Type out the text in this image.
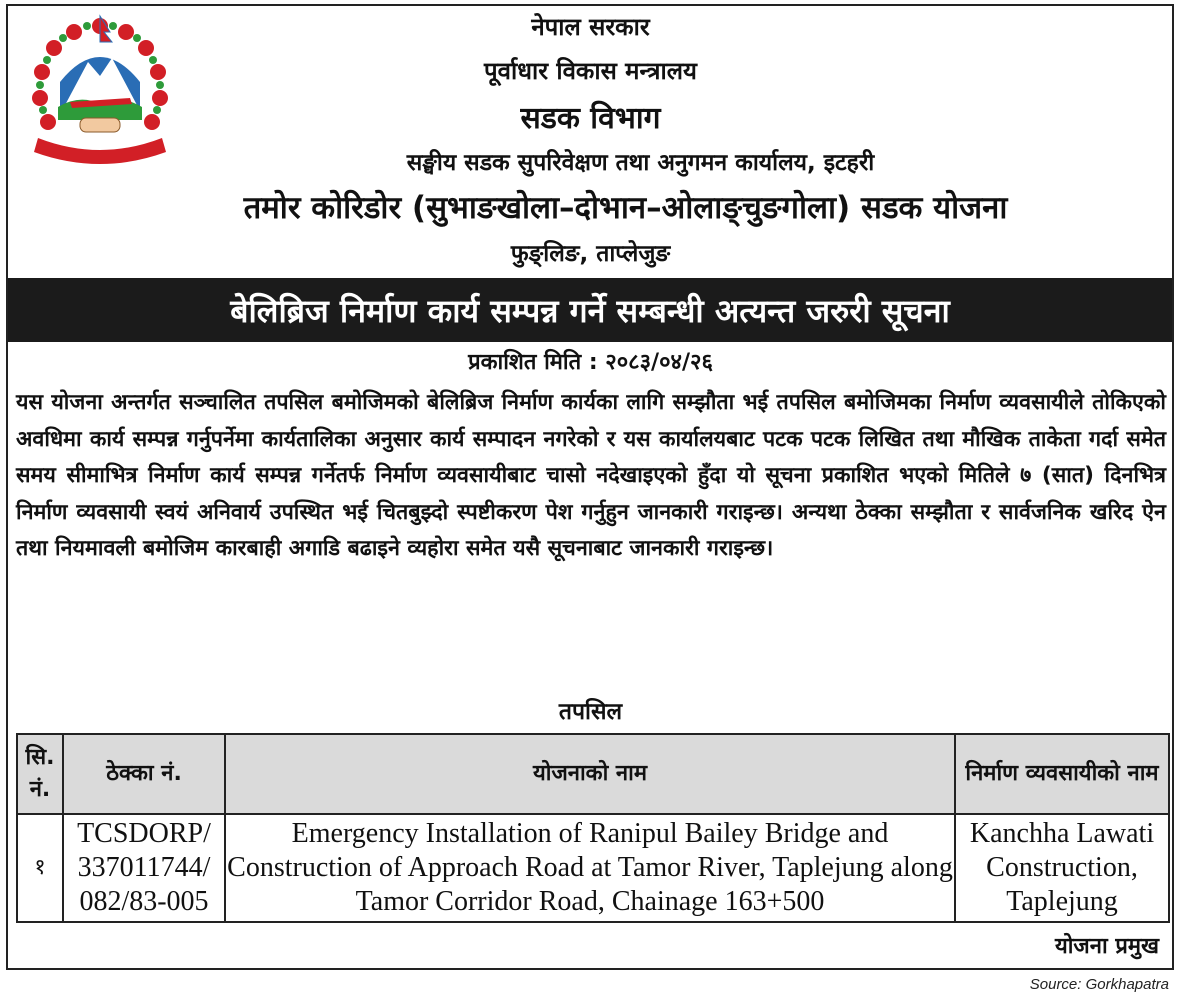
नेपाल सरकार
पूर्वाधार विकास मन्त्रालय
सडक विभाग
सङ्घीय सडक सुपरिवेक्षण तथा अनुगमन कार्यालय, इटहरी
तमोर कोरिडोर (सुभाङखोला–दोभान–ओलाङ्चुङगोला) सडक योजना
फुङ्लिङ, ताप्लेजुङ
बेलिब्रिज निर्माण कार्य सम्पन्न गर्ने सम्बन्धी अत्यन्त जरुरी सूचना
प्रकाशित मिति : २०८३/०४/२६
यस योजना अन्तर्गत सञ्चालित तपसिल बमोजिमको बेलिब्रिज निर्माण कार्यका लागि सम्झौता भई तपसिल बमोजिमका निर्माण व्यवसायीले तोकिएको अवधिमा कार्य सम्पन्न गर्नुपर्नेमा कार्यतालिका अनुसार कार्य सम्पादन नगरेको र यस कार्यालयबाट पटक पटक लिखित तथा मौखिक ताकेता गर्दा समेत समय सीमाभित्र निर्माण कार्य सम्पन्न गर्नेतर्फ निर्माण व्यवसायीबाट चासो नदेखाइएको हुँदा यो सूचना प्रकाशित भएको मितिले ७ (सात) दिनभित्र निर्माण व्यवसायी स्वयं अनिवार्य उपस्थित भई चितबुझ्दो स्पष्टीकरण पेश गर्नुहुन जानकारी गराइन्छ। अन्यथा ठेक्का सम्झौता र सार्वजनिक खरिद ऐन तथा नियमावली बमोजिम कारबाही अगाडि बढाइने व्यहोरा समेत यसै सूचनाबाट जानकारी गराइन्छ।
तपसिल
सि. नं.	ठेक्का नं.	योजनाको नाम	निर्माण व्यवसायीको नाम
१	TCSDORP/ 337011744/ 082/83-005	Emergency Installation of Ranipul Bailey Bridge and Construction of Approach Road at Tamor River, Taplejung along Tamor Corridor Road, Chainage 163+500	Kanchha Lawati Construction, Taplejung
योजना प्रमुख
Source: Gorkhapatra
